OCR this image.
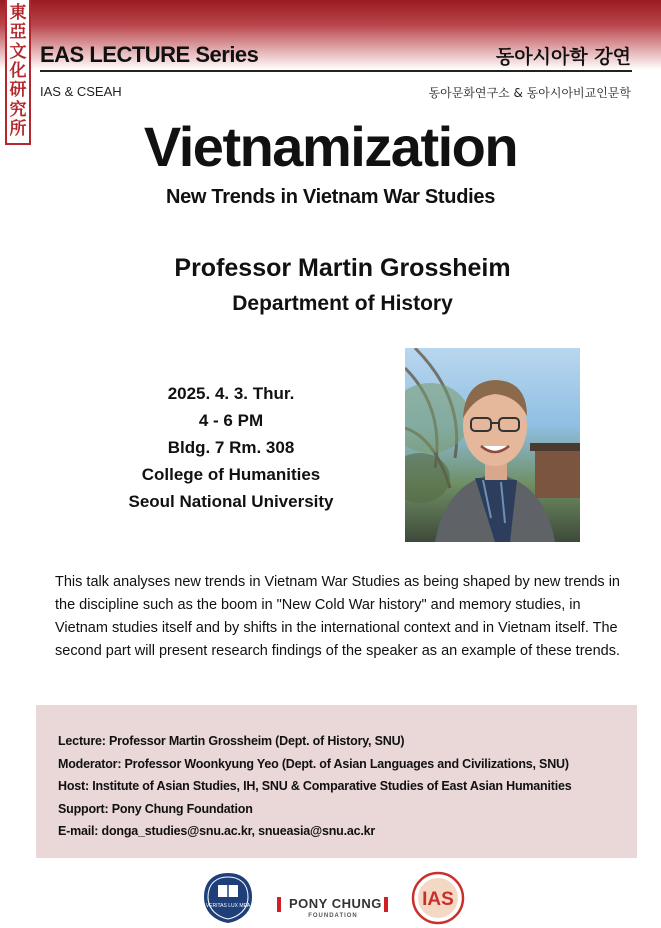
東
亞
文
化
研
究
所
EAS LECTURE Series	동아시아학 강연
IAS & CSEAH	동아문화연구소 & 동아시아비교인문학
Vietnamization
New Trends in Vietnam War Studies
Professor Martin Grossheim
Department of History
2025. 4. 3. Thur.
4 - 6 PM
Bldg. 7 Rm. 308
College of Humanities
Seoul National University
This talk analyses new trends in Vietnam War Studies as being shaped by new trends in the discipline such as the boom in "New Cold War history" and memory studies, in Vietnam studies itself and by shifts in the international context and in Vietnam itself. The second part will present research findings of the speaker as an example of these trends.
Lecture: Professor Martin Grossheim (Dept. of History, SNU)
Moderator: Professor Woonkyung Yeo (Dept. of Asian Languages and Civilizations, SNU)
Host: Institute of Asian Studies, IH, SNU & Comparative Studies of East Asian Humanities
Support: Pony Chung Foundation
E-mail: donga_studies@snu.ac.kr, snueasia@snu.ac.kr
VERITAS LUX MEA	PONY CHUNG
FOUNDATION
IAS
